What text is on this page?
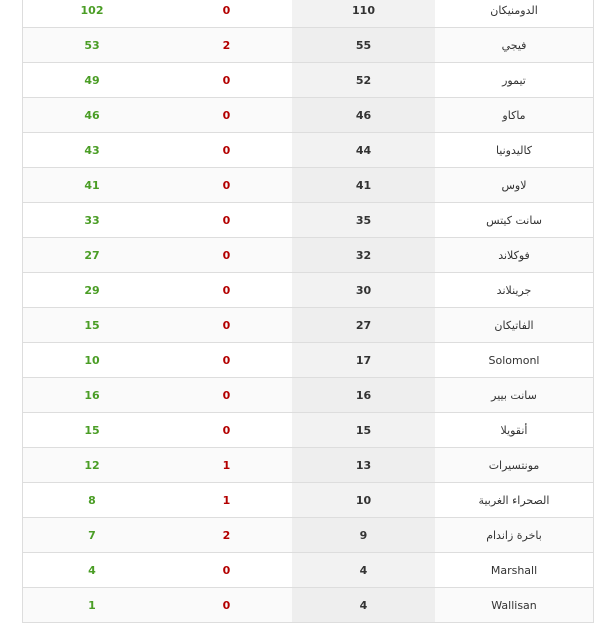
102	0	110	الدومنيكان
53	2	55	فيجي
49	0	52	تيمور
46	0	46	ماكاو
43	0	44	كاليدونيا
41	0	41	لاوس
33	0	35	سانت كيتس
27	0	32	فوكلاند
29	0	30	جرينلاند
15	0	27	الفاتيكان
10	0	17	Solomonl
16	0	16	سانت بيير
15	0	15	أنقويلا
12	1	13	مونتسيرات
8	1	10	الصحراء الغربية
7	2	9	باخرة زاندام
4	0	4	Marshall
1	0	4	Wallisan
